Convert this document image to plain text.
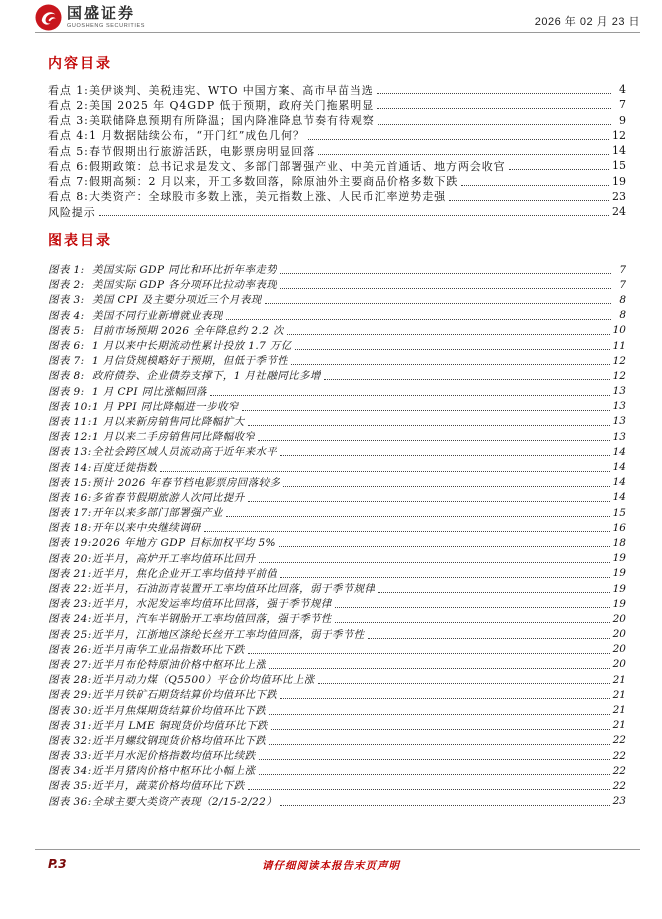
国盛证券
GUOSHENG SECURITIES	2026 年 02 月 23 日
内容目录
看点 1: 美伊谈判、美税违宪、WTO 中国方案、高市早苗当选	4
看点 2: 美国 2025 年 Q4GDP 低于预期，政府关门拖累明显	7
看点 3: 美联储降息预期有所降温；国内降准降息节奏有待观察	9
看点 4: 1 月数据陆续公布，“开门红”成色几何？	12
看点 5: 春节假期出行旅游活跃，电影票房明显回落	14
看点 6: 假期政策：总书记求是发文、多部门部署强产业、中美元首通话、地方两会收官	15
看点 7: 假期高频：2 月以来，开工多数回落，除原油外主要商品价格多数下跌	19
看点 8: 大类资产：全球股市多数上涨，美元指数上涨、人民币汇率逆势走强	23
风险提示	24
图表目录
图表 1: 美国实际 GDP 同比和环比折年率走势	7
图表 2: 美国实际 GDP 各分项环比拉动率表现	7
图表 3: 美国 CPI 及主要分项近三个月表现	8
图表 4: 美国不同行业新增就业表现	8
图表 5: 目前市场预期 2026 全年降息约 2.2 次	10
图表 6: 1 月以来中长期流动性累计投放 1.7 万亿	11
图表 7: 1 月信贷规模略好于预期，但低于季节性	12
图表 8: 政府债券、企业债券支撑下，1 月社融同比多增	12
图表 9: 1 月 CPI 同比涨幅回落	13
图表 10: 1 月 PPI 同比降幅进一步收窄	13
图表 11: 1 月以来新房销售同比降幅扩大	13
图表 12: 1 月以来二手房销售同比降幅收窄	13
图表 13: 全社会跨区域人员流动高于近年来水平	14
图表 14: 百度迁徙指数	14
图表 15: 预计 2026 年春节档电影票房回落较多	14
图表 16: 多省春节假期旅游人次同比提升	14
图表 17: 开年以来多部门部署强产业	15
图表 18: 开年以来中央继续调研	16
图表 19: 2026 年地方 GDP 目标加权平均 5%	18
图表 20: 近半月，高炉开工率均值环比回升	19
图表 21: 近半月，焦化企业开工率均值持平前值	19
图表 22: 近半月，石油沥青装置开工率均值环比回落，弱于季节规律	19
图表 23: 近半月，水泥发运率均值环比回落，强于季节规律	19
图表 24: 近半月，汽车半钢胎开工率均值回落，强于季节性	20
图表 25: 近半月，江浙地区涤纶长丝开工率均值回落，弱于季节性	20
图表 26: 近半月南华工业品指数环比下跌	20
图表 27: 近半月布伦特原油价格中枢环比上涨	20
图表 28: 近半月动力煤（Q5500）平仓价均值环比上涨	21
图表 29: 近半月铁矿石期货结算价均值环比下跌	21
图表 30: 近半月焦煤期货结算价均值环比下跌	21
图表 31: 近半月 LME 铜现货价均值环比下跌	21
图表 32: 近半月螺纹钢现货价格均值环比下跌	22
图表 33: 近半月水泥价格指数均值环比续跌	22
图表 34: 近半月猪肉价格中枢环比小幅上涨	22
图表 35: 近半月，蔬菜价格均值环比下跌	22
图表 36: 全球主要大类资产表现（2/15-2/22）	23
P.3	请仔细阅读本报告末页声明
